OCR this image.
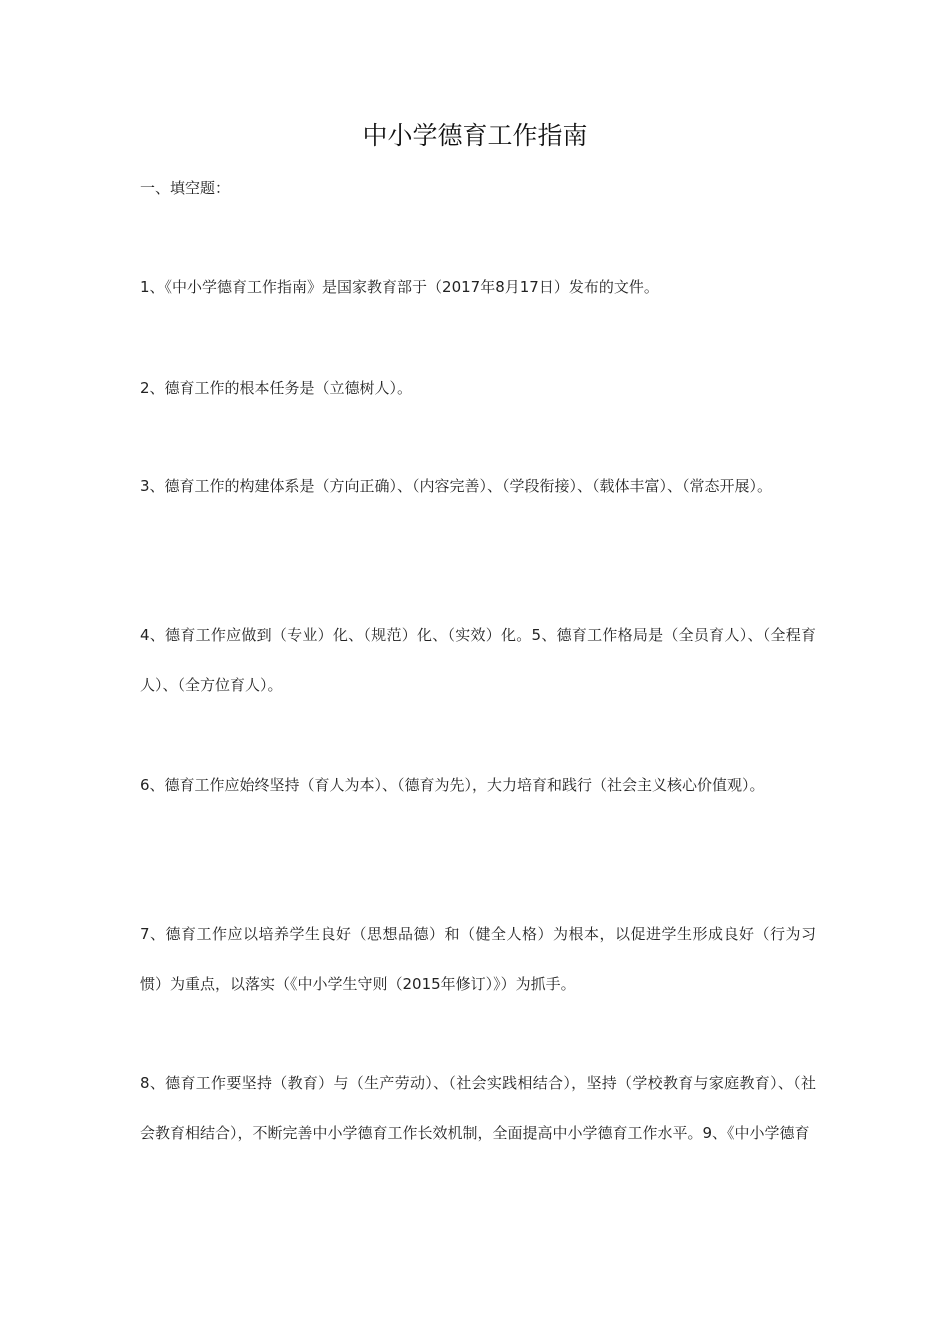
中小学德育工作指南
一、填空题：
1、《中小学德育工作指南》是国家教育部于（2017年8月17日）发布的文件。
2、德育工作的根本任务是（立德树人）。
3、德育工作的构建体系是（方向正确）、（内容完善）、（学段衔接）、（载体丰富）、（常态开展）。
4、德育工作应做到（专业）化、（规范）化、（实效）化。5、德育工作格局是（全员育人）、（全程育人）、（全方位育人）。
6、德育工作应始终坚持（育人为本）、（德育为先），大力培育和践行（社会主义核心价值观）。
7、德育工作应以培养学生良好（思想品德）和（健全人格）为根本，以促进学生形成良好（行为习惯）为重点，以落实（《中小学生守则（2015年修订）》）为抓手。
8、德育工作要坚持（教育）与（生产劳动）、（社会实践相结合），坚持（学校教育与家庭教育）、（社会教育相结合），不断完善中小学德育工作长效机制，全面提高中小学德育工作水平。9、《中小学德育
